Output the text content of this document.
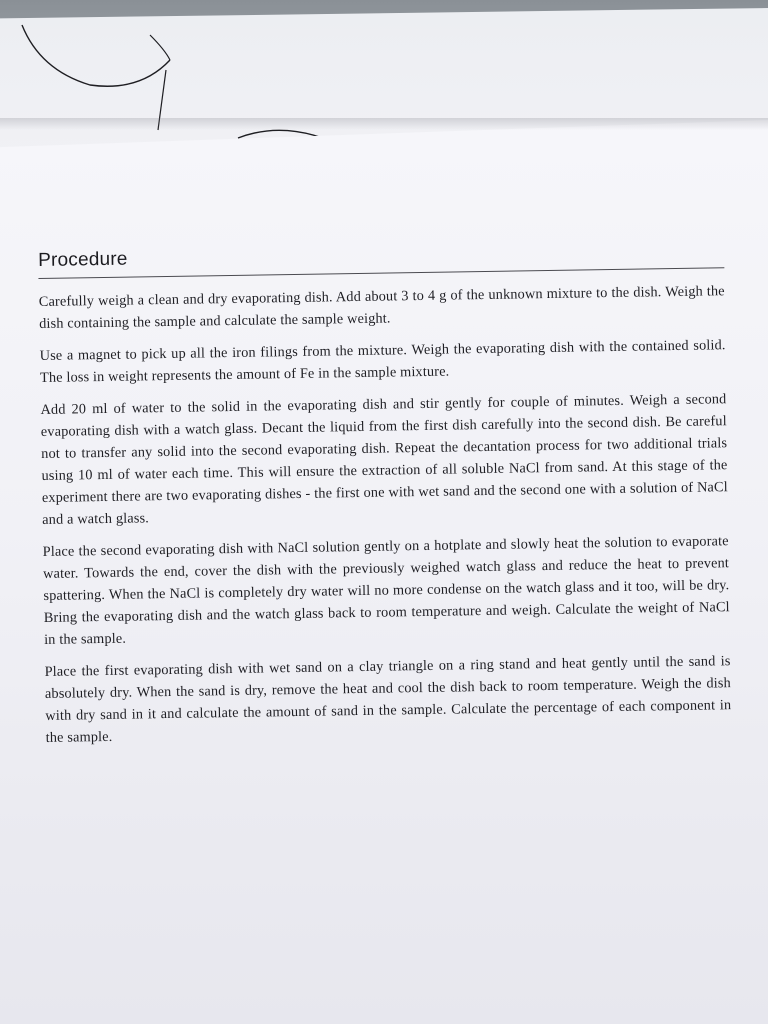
Procedure

Carefully weigh a clean and dry evaporating dish. Add about 3 to 4 g of the unknown mixture to the dish. Weigh the dish containing the sample and calculate the sample weight.

Use a magnet to pick up all the iron filings from the mixture. Weigh the evaporating dish with the contained solid. The loss in weight represents the amount of Fe in the sample mixture.

Add 20 ml of water to the solid in the evaporating dish and stir gently for couple of minutes. Weigh a second evaporating dish with a watch glass. Decant the liquid from the first dish carefully into the second dish. Be careful not to transfer any solid into the second evaporating dish. Repeat the decantation process for two additional trials using 10 ml of water each time. This will ensure the extraction of all soluble NaCl from sand. At this stage of the experiment there are two evaporating dishes - the first one with wet sand and the second one with a solution of NaCl and a watch glass.

Place the second evaporating dish with NaCl solution gently on a hotplate and slowly heat the solution to evaporate water. Towards the end, cover the dish with the previously weighed watch glass and reduce the heat to prevent spattering. When the NaCl is completely dry water will no more condense on the watch glass and it too, will be dry. Bring the evaporating dish and the watch glass back to room temperature and weigh. Calculate the weight of NaCl in the sample.

Place the first evaporating dish with wet sand on a clay triangle on a ring stand and heat gently until the sand is absolutely dry. When the sand is dry, remove the heat and cool the dish back to room temperature. Weigh the dish with dry sand in it and calculate the amount of sand in the sample. Calculate the percentage of each component in the sample.
